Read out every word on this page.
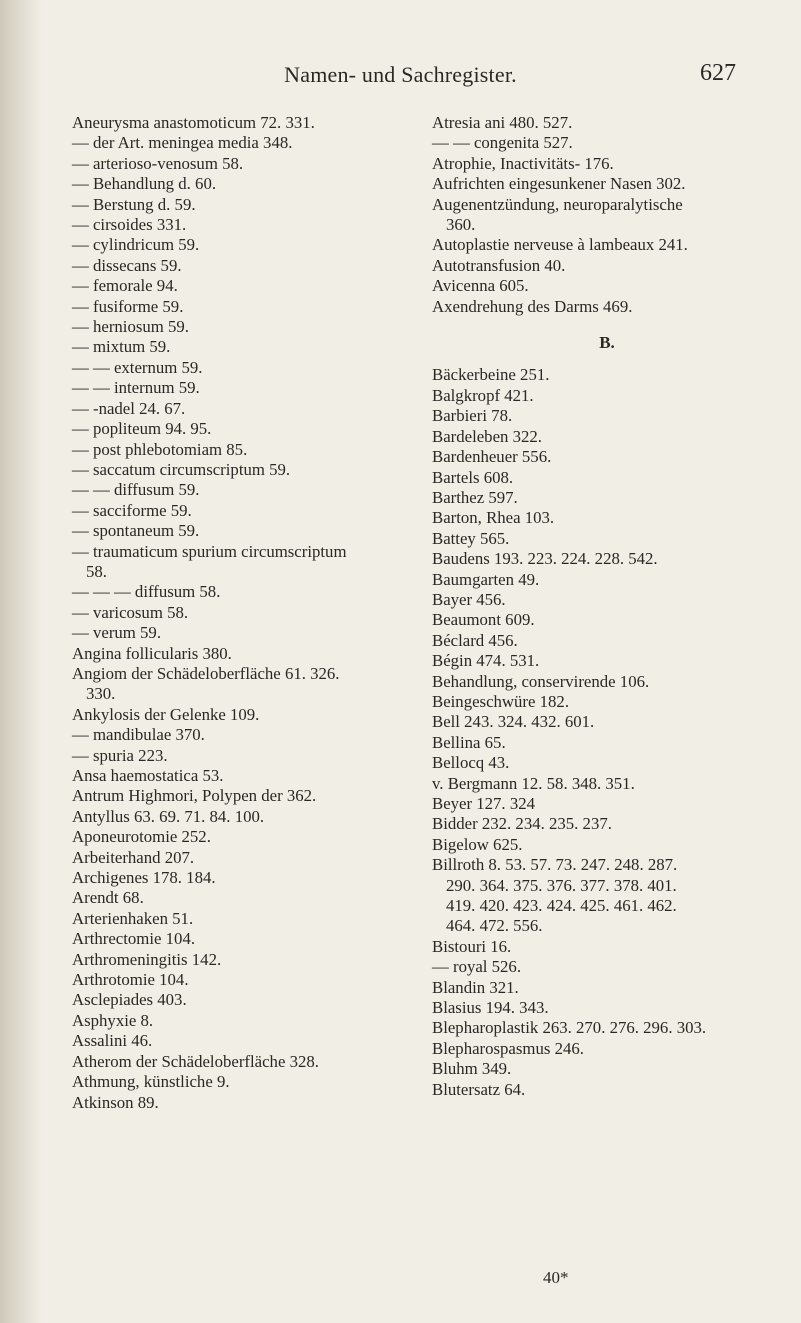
Namen- und Sachregister.	627
Aneurysma anastomoticum 72. 331.
— der Art. meningea media 348.
— arterioso-venosum 58.
— Behandlung d. 60.
— Berstung d. 59.
— cirsoides 331.
— cylindricum 59.
— dissecans 59.
— femorale 94.
— fusiforme 59.
— herniosum 59.
— mixtum 59.
— — externum 59.
— — internum 59.
— -nadel 24. 67.
— popliteum 94. 95.
— post phlebotomiam 85.
— saccatum circumscriptum 59.
— — diffusum 59.
— sacciforme 59.
— spontaneum 59.
— traumaticum spurium circumscriptum
58.
— — — diffusum 58.
— varicosum 58.
— verum 59.
Angina follicularis 380.
Angiom der Schädeloberfläche 61. 326.
330.
Ankylosis der Gelenke 109.
— mandibulae 370.
— spuria 223.
Ansa haemostatica 53.
Antrum Highmori, Polypen der 362.
Antyllus 63. 69. 71. 84. 100.
Aponeurotomie 252.
Arbeiterhand 207.
Archigenes 178. 184.
Arendt 68.
Arterienhaken 51.
Arthrectomie 104.
Arthromeningitis 142.
Arthrotomie 104.
Asclepiades 403.
Asphyxie 8.
Assalini 46.
Atherom der Schädeloberfläche 328.
Athmung, künstliche 9.
Atkinson 89.
Atresia ani 480. 527.
— — congenita 527.
Atrophie, Inactivitäts- 176.
Aufrichten eingesunkener Nasen 302.
Augenentzündung, neuroparalytische
360.
Autoplastie nerveuse à lambeaux 241.
Autotransfusion 40.
Avicenna 605.
Axendrehung des Darms 469.
B.
Bäckerbeine 251.
Balgkropf 421.
Barbieri 78.
Bardeleben 322.
Bardenheuer 556.
Bartels 608.
Barthez 597.
Barton, Rhea 103.
Battey 565.
Baudens 193. 223. 224. 228. 542.
Baumgarten 49.
Bayer 456.
Beaumont 609.
Béclard 456.
Bégin 474. 531.
Behandlung, conservirende 106.
Beingeschwüre 182.
Bell 243. 324. 432. 601.
Bellina 65.
Bellocq 43.
v. Bergmann 12. 58. 348. 351.
Beyer 127. 324
Bidder 232. 234. 235. 237.
Bigelow 625.
Billroth 8. 53. 57. 73. 247. 248. 287.
290. 364. 375. 376. 377. 378. 401.
419. 420. 423. 424. 425. 461. 462.
464. 472. 556.
Bistouri 16.
— royal 526.
Blandin 321.
Blasius 194. 343.
Blepharoplastik 263. 270. 276. 296. 303.
Blepharospasmus 246.
Bluhm 349.
Blutersatz 64.
40*
